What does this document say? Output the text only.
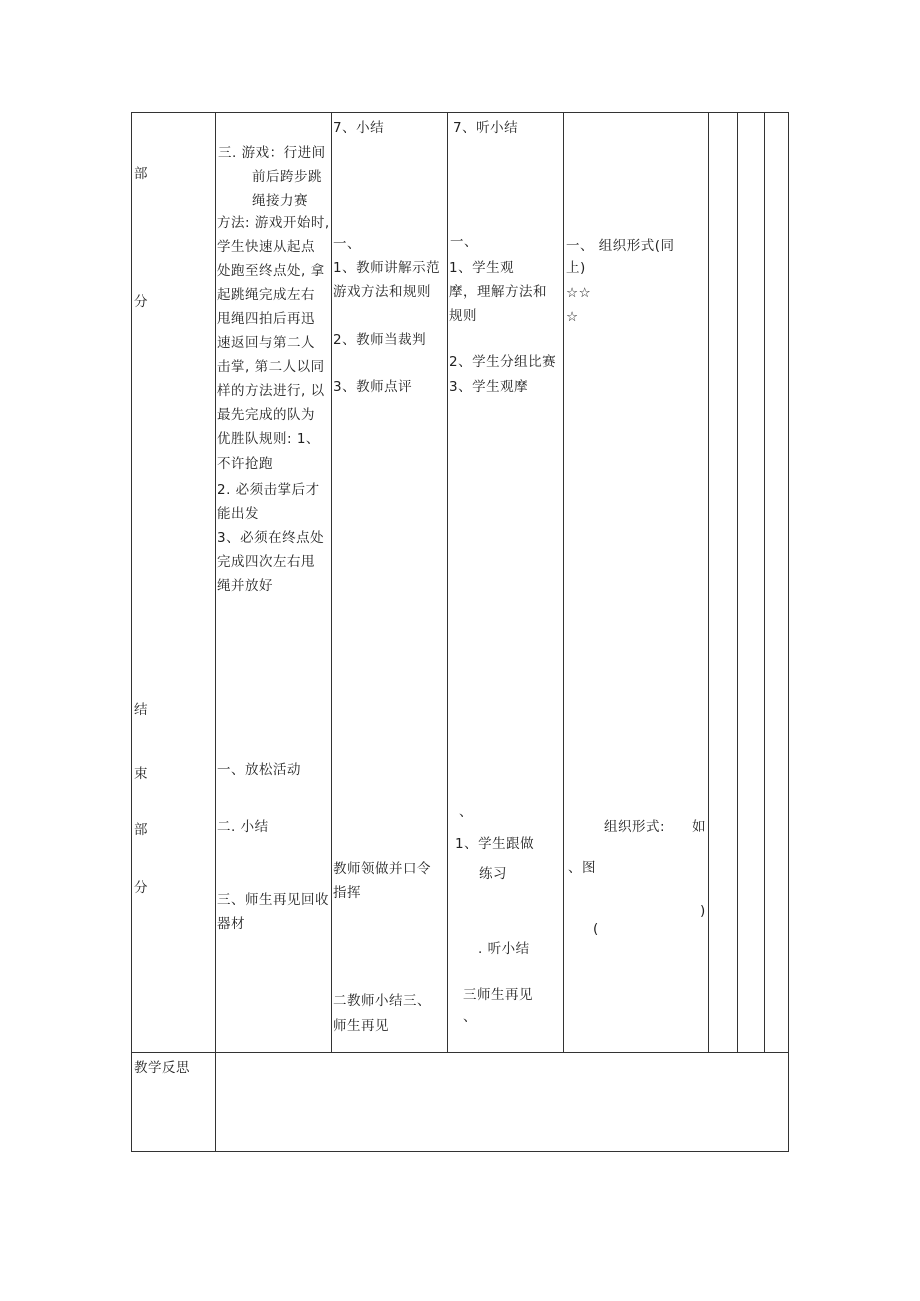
部
分
结
束
部
分
三. 游戏：行进间
前后跨步跳
绳接力赛
方法: 游戏开始时,
学生快速从起点
处跑至终点处, 拿
起跳绳完成左右
甩绳四拍后再迅
速返回与第二人
击掌, 第二人以同
样的方法进行, 以
最先完成的队为
优胜队规则: 1、
不许抢跑
2. 必须击掌后才
能出发
3、必须在终点处
完成四次左右甩
绳并放好
一、放松活动
二. 小结
三、师生再见回收
器材
7、小结
一、
1、教师讲解示范
游戏方法和规则
2、教师当裁判
3、教师点评
教师领做并口令
指挥
二教师小结三、
师生再见
7、听小结
一、
1、学生观
摩，理解方法和
规则
2、学生分组比赛
3、学生观摩
、
1、学生跟做
练习
. 听小结
三师生再见
、
一、 组织形式(同
上)
☆☆
☆
组织形式: 如
、图
)
(
教学反思
